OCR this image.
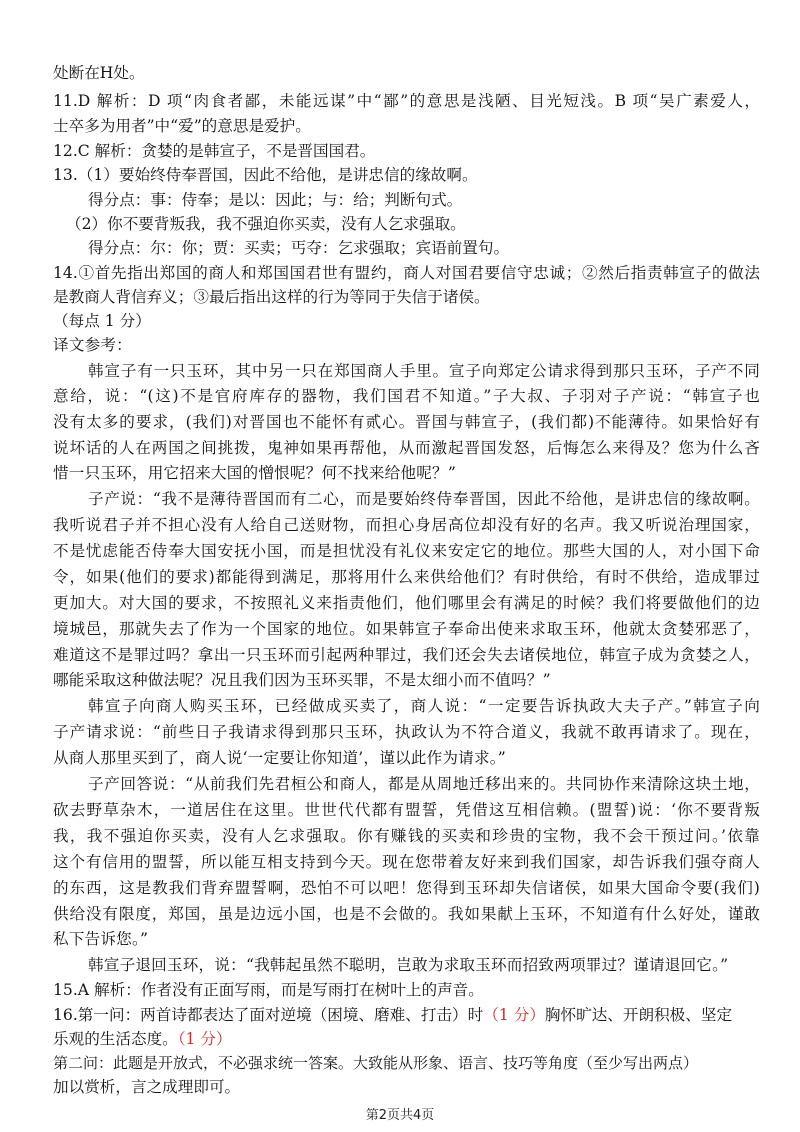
处断在H处。
11.D 解析：D 项“肉食者鄙，未能远谋”中“鄙”的意思是浅陋、目光短浅。B 项“吴广素爱人，
士卒多为用者”中“爱”的意思是爱护。
12.C 解析：贪婪的是韩宣子，不是晋国国君。
13.（1）要始终侍奉晋国，因此不给他，是讲忠信的缘故啊。
得分点：事：侍奉；是以：因此；与：给；判断句式。
（2）你不要背叛我，我不强迫你买卖，没有人乞求强取。
得分点：尔：你；贾：买卖；丐夺：乞求强取；宾语前置句。
14.①首先指出郑国的商人和郑国国君世有盟约，商人对国君要信守忠诚；②然后指责韩宣子的做法
是教商人背信弃义；③最后指出这样的行为等同于失信于诸侯。
（每点 1 分）
译文参考：
韩宣子有一只玉环，其中另一只在郑国商人手里。宣子向郑定公请求得到那只玉环，子产不同
意给，说：“(这)不是官府库存的器物，我们国君不知道。”子大叔、子羽对子产说：“韩宣子也
没有太多的要求，(我们)对晋国也不能怀有贰心。晋国与韩宣子，(我们都)不能薄待。如果恰好有
说坏话的人在两国之间挑拨，鬼神如果再帮他，从而激起晋国发怒，后悔怎么来得及？您为什么吝
惜一只玉环，用它招来大国的憎恨呢？何不找来给他呢？”
子产说：“我不是薄待晋国而有二心，而是要始终侍奉晋国，因此不给他，是讲忠信的缘故啊。
我听说君子并不担心没有人给自己送财物，而担心身居高位却没有好的名声。我又听说治理国家，
不是忧虑能否侍奉大国安抚小国，而是担忧没有礼仪来安定它的地位。那些大国的人，对小国下命
令，如果(他们的要求)都能得到满足，那将用什么来供给他们？有时供给，有时不供给，造成罪过
更加大。对大国的要求，不按照礼义来指责他们，他们哪里会有满足的时候？我们将要做他们的边
境城邑，那就失去了作为一个国家的地位。如果韩宣子奉命出使来求取玉环，他就太贪婪邪恶了，
难道这不是罪过吗？拿出一只玉环而引起两种罪过，我们还会失去诸侯地位，韩宣子成为贪婪之人，
哪能采取这种做法呢？况且我们因为玉环买罪，不是太细小而不值吗？”
韩宣子向商人购买玉环，已经做成买卖了，商人说：“一定要告诉执政大夫子产。”韩宣子向
子产请求说：“前些日子我请求得到那只玉环，执政认为不符合道义，我就不敢再请求了。现在，
从商人那里买到了，商人说‘一定要让你知道’，谨以此作为请求。”
子产回答说：“从前我们先君桓公和商人，都是从周地迁移出来的。共同协作来清除这块土地，
砍去野草杂木，一道居住在这里。世世代代都有盟誓，凭借这互相信赖。(盟誓)说：‘你不要背叛
我，我不强迫你买卖，没有人乞求强取。你有赚钱的买卖和珍贵的宝物，我不会干预过问。’依靠
这个有信用的盟誓，所以能互相支持到今天。现在您带着友好来到我们国家，却告诉我们强夺商人
的东西，这是教我们背弃盟誓啊，恐怕不可以吧！您得到玉环却失信诸侯，如果大国命令要(我们)
供给没有限度，郑国，虽是边远小国，也是不会做的。我如果献上玉环，不知道有什么好处，谨敢
私下告诉您。”
韩宣子退回玉环，说：“我韩起虽然不聪明，岂敢为求取玉环而招致两项罪过？谨请退回它。”
15.A 解析：作者没有正面写雨，而是写雨打在树叶上的声音。
16.第一问：两首诗都表达了面对逆境（困境、磨难、打击）时（1 分）胸怀旷达、开朗积极、坚定
乐观的生活态度。（1 分）
第二问：此题是开放式，不必强求统一答案。大致能从形象、语言、技巧等角度（至少写出两点）
加以赏析，言之成理即可。
第2页共4页
